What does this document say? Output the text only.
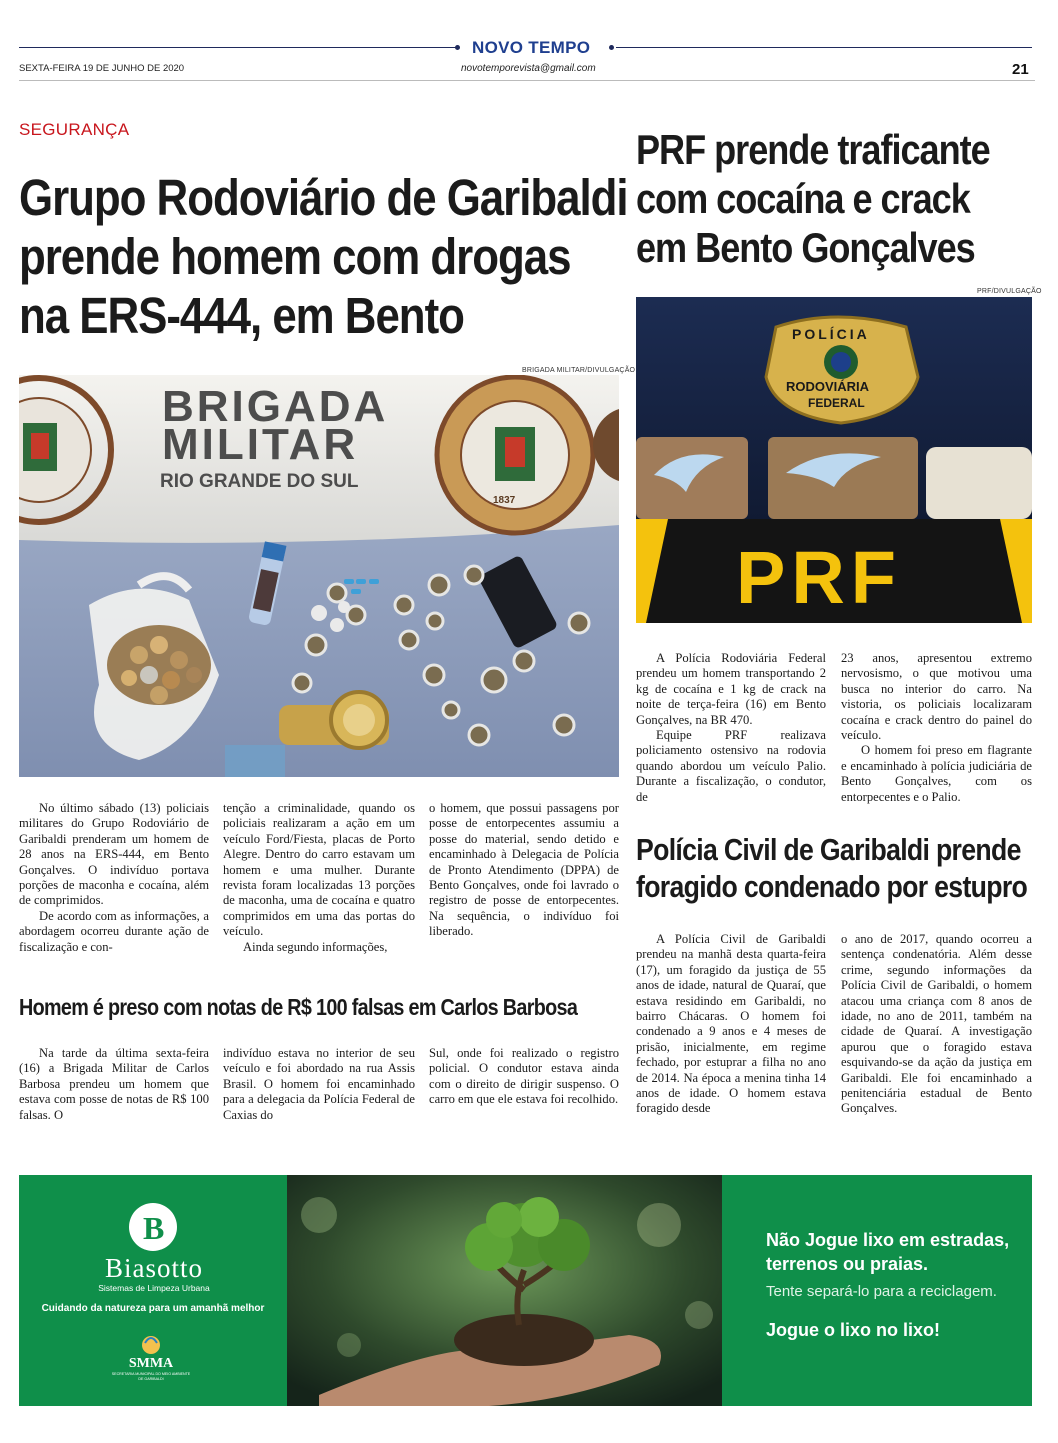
NOVO TEMPO
SEXTA-FEIRA 19 DE JUNHO DE 2020	novotemporevista@gmail.com	21
SEGURANÇA
Grupo Rodoviário de Garibaldi
prende homem com drogas
na ERS-444, em Bento
BRIGADA MILITAR/DIVULGAÇÃO
BRIGADA
MILITAR
RIO GRANDE DO SUL
1837

No último sábado (13) policiais militares do Grupo Rodoviário de Garibaldi prenderam um homem de 28 anos na ERS-444, em Bento Gonçalves. O indivíduo portava porções de maconha e cocaína, além de comprimidos.

De acordo com as informações, a abordagem ocorreu durante ação de fiscalização e con-

tenção a criminalidade, quando os policiais realizaram a ação em um veículo Ford/Fiesta, placas de Porto Alegre. Dentro do carro estavam um homem e uma mulher. Durante revista foram localizadas 13 porções de maconha, uma de cocaína e quatro comprimidos em uma das portas do veículo.

Ainda segundo informações,

o homem, que possui passagens por posse de entorpecentes assumiu a posse do material, sendo detido e encaminhado à Delegacia de Polícia de Pronto Atendimento (DPPA) de Bento Gonçalves, onde foi lavrado o registro de posse de entorpecentes. Na sequência, o indivíduo foi liberado.

Homem é preso com notas de R$ 100 falsas em Carlos Barbosa

Na tarde da última sexta-feira (16) a Brigada Militar de Carlos Barbosa prendeu um homem que estava com posse de notas de R$ 100 falsas. O

indivíduo estava no interior de seu veículo e foi abordado na rua Assis Brasil. O homem foi encaminhado para a delegacia da Polícia Federal de Caxias do

Sul, onde foi realizado o registro policial. O condutor estava ainda com o direito de dirigir suspenso. O carro em que ele estava foi recolhido.

PRF prende traficante
com cocaína e crack
em Bento Gonçalves
PRF/DIVULGAÇÃO
POLÍCIA
RODOVIÁRIA
FEDERAL
PRF

A Polícia Rodoviária Federal prendeu um homem transportando 2 kg de cocaína e 1 kg de crack na noite de terça-feira (16) em Bento Gonçalves, na BR 470.

Equipe PRF realizava policiamento ostensivo na rodovia quando abordou um veículo Palio. Durante a fiscalização, o condutor, de

23 anos, apresentou extremo nervosismo, o que motivou uma busca no interior do carro. Na vistoria, os policiais localizaram cocaína e crack dentro do painel do veículo.

O homem foi preso em flagrante e encaminhado à polícia judiciária de Bento Gonçalves, com os entorpecentes e o Palio.

Polícia Civil de Garibaldi prende
foragido condenado por estupro

A Polícia Civil de Garibaldi prendeu na manhã desta quarta-feira (17), um foragido da justiça de 55 anos de idade, natural de Quaraí, que estava residindo em Garibaldi, no bairro Chácaras. O homem foi condenado a 9 anos e 4 meses de prisão, inicialmente, em regime fechado, por estuprar a filha no ano de 2014. Na época a menina tinha 14 anos de idade. O homem estava foragido desde

o ano de 2017, quando ocorreu a sentença condenatória. Além desse crime, segundo informações da Polícia Civil de Garibaldi, o homem atacou uma criança com 8 anos de idade, no ano de 2011, também na cidade de Quaraí. A investigação apurou que o foragido estava esquivando-se da ação da justiça em Garibaldi. Ele foi encaminhado a penitenciária estadual de Bento Gonçalves.

B
Biasotto
Sistemas de Limpeza Urbana
Cuidando da natureza para um amanhã melhor
SMMA
SECRETARIA MUNICIPAL DO MEIO AMBIENTE DE GARIBALDI
Não Jogue lixo em estradas,
terrenos ou praias.
Tente separá-lo para a reciclagem.
Jogue o lixo no lixo!
